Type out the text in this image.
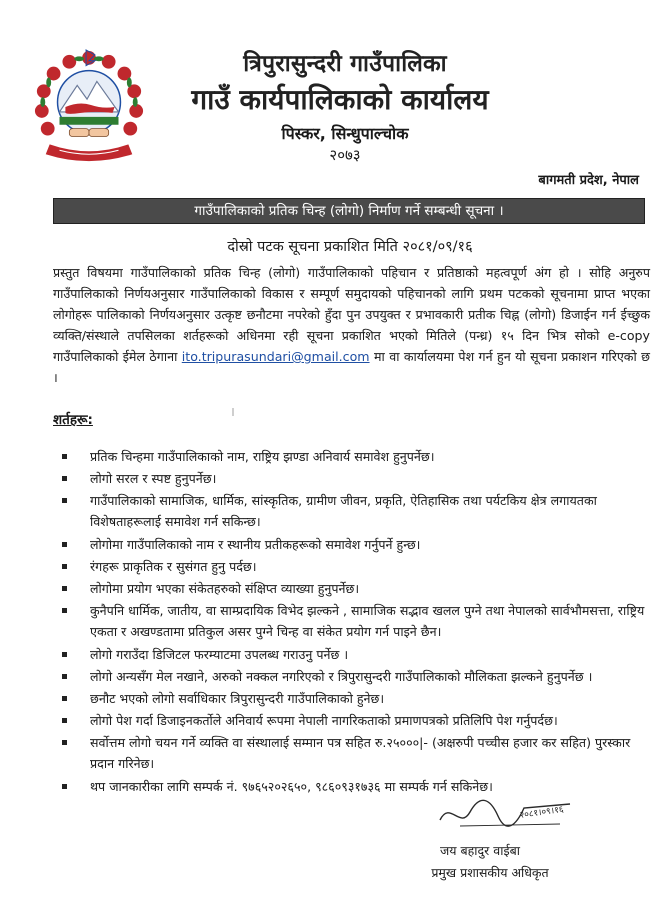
त्रिपुरासुन्दरी गाउँपालिका
गाउँ कार्यपालिकाको कार्यालय
पिस्कर, सिन्धुपाल्चोक
२०७३
बागमती प्रदेश, नेपाल
गाउँपालिकाको प्रतिक चिन्ह (लोगो) निर्माण गर्ने सम्बन्धी सूचना ।
दोस्रो पटक सूचना प्रकाशित मिति २०८१/०९/१६
प्रस्तुत विषयमा गाउँपालिकाको प्रतिक चिन्ह (लोगो) गाउँपालिकाको पहिचान र प्रतिष्ठाको महत्वपूर्ण अंग हो । सोहि अनुरुप गाउँपालिकाको निर्णयअनुसार गाउँपालिकाको विकास र सम्पूर्ण समुदायको पहिचानको लागि प्रथम पटकको सूचनामा प्राप्त भएका लोगोहरू पालिकाको निर्णयअनुसार उत्कृष्ट छनौटमा नपरेको हुँदा पुन उपयुक्त र प्रभावकारी प्रतीक चिह्न (लोगो) डिजाईन गर्न ईच्छुक व्यक्ति/संस्थाले तपसिलका शर्तहरूको अधिनमा रही सूचना प्रकाशित भएको मितिले (पन्ध्र) १५ दिन भित्र सोको e-copy गाउँपालिकाको ईमेल ठेगाना ito.tripurasundari@gmail.com मा वा कार्यालयमा पेश गर्न हुन यो सूचना प्रकाशन गरिएको छ ।
शर्तहरू:
प्रतिक चिन्हमा गाउँपालिकाको नाम, राष्ट्रिय झण्डा अनिवार्य समावेश हुनुपर्नेछ।
लोगो सरल र स्पष्ट हुनुपर्नेछ।
गाउँपालिकाको सामाजिक, धार्मिक, सांस्कृतिक, ग्रामीण जीवन, प्रकृति, ऐतिहासिक तथा पर्यटकिय क्षेत्र लगायतका विशेषताहरूलाई समावेश गर्न सकिन्छ।
लोगोमा गाउँपालिकाको नाम र स्थानीय प्रतीकहरूको समावेश गर्नुपर्ने हुन्छ।
रंगहरू प्राकृतिक र सुसंगत हुनु पर्दछ।
लोगोमा प्रयोग भएका संकेतहरुको संक्षिप्त व्याख्या हुनुपर्नेछ।
कुनैपनि धार्मिक, जातीय, वा साम्प्रदायिक विभेद झल्कने , सामाजिक सद्भाव खलल पुग्ने तथा नेपालको सार्वभौमसत्ता, राष्ट्रिय एकता र अखण्डतामा प्रतिकुल असर पुग्ने चिन्ह वा संकेत प्रयोग गर्न पाइने छैन।
लोगो गराउँदा डिजिटल फरम्याटमा उपलब्ध गराउनु पर्नेछ ।
लोगो अन्यसँग मेल नखाने, अरुको नक्कल नगरिएको र त्रिपुरासुन्दरी गाउँपालिकाको मौलिकता झल्कने हुनुपर्नेछ ।
छनौट भएको लोगो सर्वाधिकार त्रिपुरासुन्दरी गाउँपालिकाको हुनेछ।
लोगो पेश गर्दा डिजाइनकर्तोले अनिवार्य रूपमा नेपाली नागरिकताको प्रमाणपत्रको प्रतिलिपि पेश गर्नुपर्दछ।
सर्वोत्तम लोगो चयन गर्ने व्यक्ति वा संस्थालाई सम्मान पत्र सहित रु.२५०००|- (अक्षरुपी पच्चीस हजार कर सहित) पुरस्कार प्रदान गरिनेछ।
थप जानकारीका लागि सम्पर्क नं. ९७६५२०२६५०, ९८६०९३१७३६ मा सम्पर्क गर्न सकिनेछ।
२०८१।०९।१६
जय बहादुर वाईबा
प्रमुख प्रशासकीय अधिकृत
